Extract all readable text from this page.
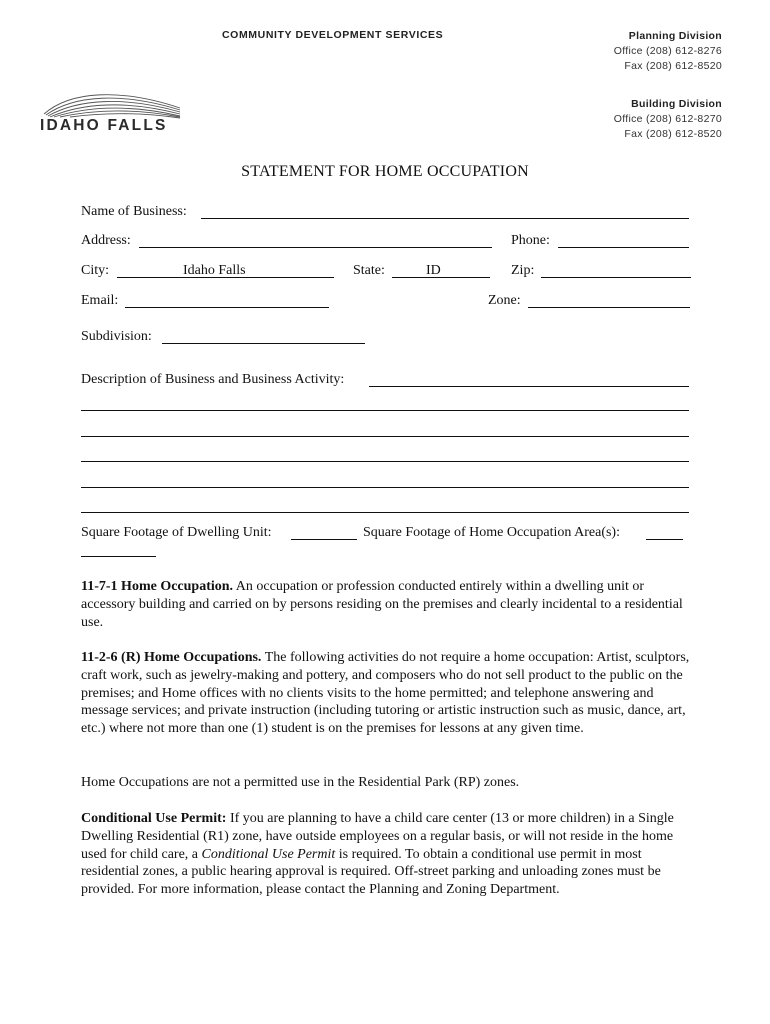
COMMUNITY DEVELOPMENT SERVICES	Planning Division
Office (208) 612-8276
Fax (208) 612-8520
Building Division
Office (208) 612-8270
Fax (208) 612-8520
IDAHO FALLS
STATEMENT FOR HOME OCCUPATION
Name of Business:
Address:	Phone:
City:	Idaho Falls	State:	ID	Zip:
Email:	Zone:
Subdivision:
Description of Business and Business Activity:
Square Footage of Dwelling Unit:	Square Footage of Home Occupation Area(s):
11-7-1 Home Occupation. An occupation or profession conducted entirely within a dwelling unit or accessory building and carried on by persons residing on the premises and clearly incidental to a residential use.
11-2-6 (R) Home Occupations. The following activities do not require a home occupation: Artist, sculptors, craft work, such as jewelry-making and pottery, and composers who do not sell product to the public on the premises; and Home offices with no clients visits to the home permitted; and telephone answering and message services; and private instruction (including tutoring or artistic instruction such as music, dance, art, etc.) where not more than one (1) student is on the premises for lessons at any given time.
Home Occupations are not a permitted use in the Residential Park (RP) zones.
Conditional Use Permit: If you are planning to have a child care center (13 or more children) in a Single Dwelling Residential (R1) zone, have outside employees on a regular basis, or will not reside in the home used for child care, a Conditional Use Permit is required. To obtain a conditional use permit in most residential zones, a public hearing approval is required. Off-street parking and unloading zones must be provided. For more information, please contact the Planning and Zoning Department.
